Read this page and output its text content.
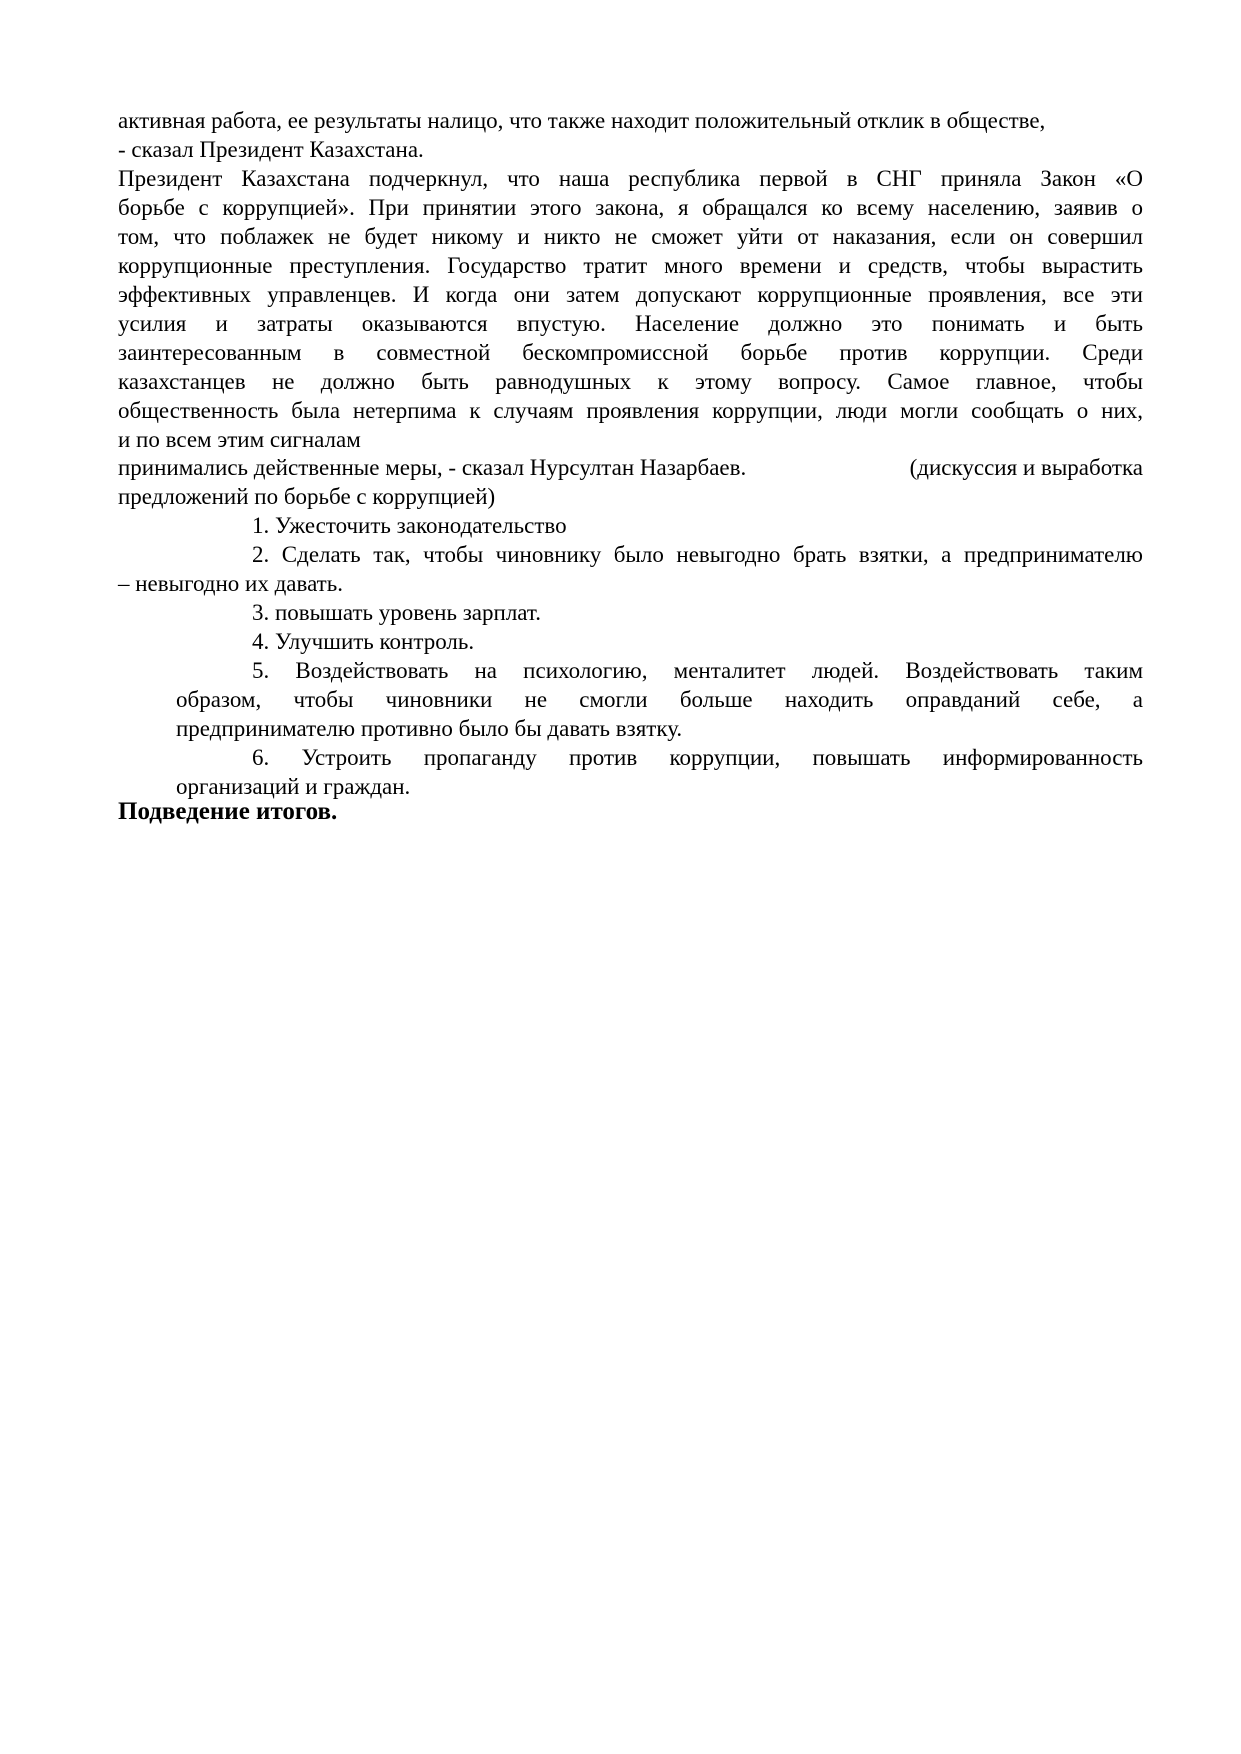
активная работа, ее результаты налицо, что также находит положительный отклик в обществе,
- сказал Президент Казахстана.

Президент Казахстана подчеркнул, что наша республика первой в СНГ приняла Закон «О
борьбе с коррупцией». При принятии этого закона, я обращался ко всему населению, заявив о
том, что поблажек не будет никому и никто не сможет уйти от наказания, если он совершил
коррупционные преступления. Государство тратит много времени и средств, чтобы вырастить
эффективных управленцев. И когда они затем допускают коррупционные проявления, все эти
усилия и затраты оказываются впустую. Население должно это понимать и быть
заинтересованным в совместной бескомпромиссной борьбе против коррупции. Среди
казахстанцев не должно быть равнодушных к этому вопросу. Самое главное, чтобы
общественность была нетерпима к случаям проявления коррупции, люди могли сообщать о них,
и по всем этим сигналам

принимались действенные меры, - сказал Нурсултан Назарбаев.	(дискуссия и выработка
предложений по борьбе с коррупцией)

1. Ужесточить законодательство

2. Сделать так, чтобы чиновнику было невыгодно брать взятки, а предпринимателю
– невыгодно их давать.

3. повышать уровень зарплат.

4. Улучшить контроль.

5. Воздействовать на психологию, менталитет людей. Воздействовать таким
образом, чтобы чиновники не смогли больше находить оправданий себе, а
предпринимателю противно было бы давать взятку.

6. Устроить пропаганду против коррупции, повышать информированность
организаций и граждан.

Подведение итогов.
